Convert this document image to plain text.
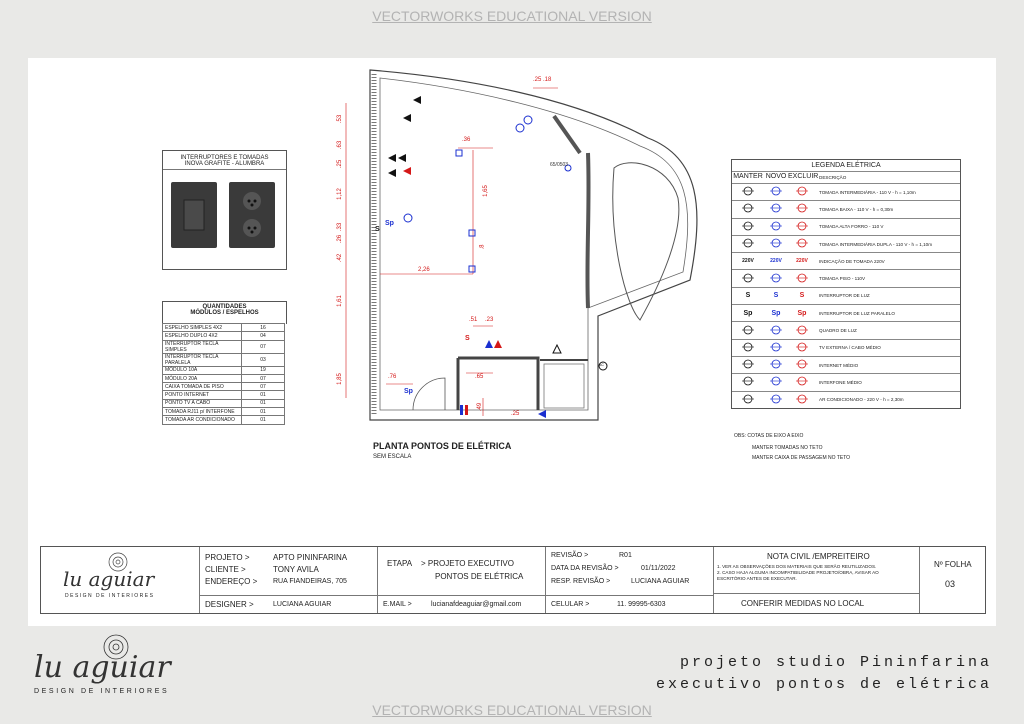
VECTORWORKS EDUCATIONAL VERSION
INTERRUPTORES E TOMADAS
INOVA GRAFITE - ALUMBRA
QUANTIDADES
MÓDULOS / ESPELHOS
ESPELHO SIMPLES 4X2	16
ESPELHO DUPLO 4X2	04
INTERRUPTOR TECLA SIMPLES	07
INTERRUPTOR TECLA PARALELA	03
MÓDULO 10A	19
MÓDULO 20A	07
CAIXA TOMADA DE PISO	07
PONTO INTERNET	01
PONTO TV A CABO	01
TOMADA RJ11 p/ INTERFONE	01
TOMADA AR CONDICIONADO	01
.25 .18
.36
1,65
.8
2,26
.53
.63
.25
1,12
.33
.26
.42
1,61
1,85	.76
.51 .23
.65
.49
.25
65/0503
S
Sp
S
Sp
AC
PLANTA PONTOS DE ELÉTRICA
SEM ESCALA
LEGENDA ELÉTRICA
MANTER NOVO EXCLUIR DESCRIÇÃO
TOMADA INTERMEDIÁRIA - 110 V - h = 1,10m
TOMADA BAIXA - 110 V - h = 0,30m
TOMADA ALTA FORRO - 110 V
TOMADA INTERMEDIÁRIA DUPLA - 110 V - h = 1,10m
220V	220V	220V	INDICAÇÃO DE TOMADA 220V
TOMADA PISO - 110V
S	S	S	INTERRUPTOR DE LUZ
Sp	Sp	Sp	INTERRUPTOR DE LUZ PARALELO
QUADRO DE LUZ
TV EXTERNA / CABO MÉDIO
INTERNET MÉDIO
INTERFONE MÉDIO
AR CONDICIONADO - 220 V - h = 2,30m
OBS: COTAS DE EIXO A EIXO
MANTER TOMADAS NO TETO
MANTER CAIXA DE PASSAGEM NO TETO
lu aguiar
DESIGN DE INTERIORES
PROJETO >	APTO PININFARINA
CLIENTE >	TONY AVILA
ENDEREÇO > RUA FIANDEIRAS, 705
DESIGNER >	LUCIANA AGUIAR
ETAPA > PROJETO EXECUTIVO
PONTOS DE ELÉTRICA
E.MAIL >	lucianafdeaguiar@gmail.com
REVISÃO >	R01
DATA DA REVISÃO >	01/11/2022
RESP. REVISÃO >	LUCIANA AGUIAR
CELULAR >	11. 99995-6303
NOTA CIVIL /EMPREITEIRO
1. VER AS OBSERVAÇÕES DOS MATERIAIS QUE SERÃO REUTILIZADOS.
2. CASO HAJA ALGUMA INCOMPATIBILIDADE PROJETO/OBRA, AVISAR AO
ESCRITÓRIO ANTES DE EXECUTAR.
CONFERIR MEDIDAS NO LOCAL
Nº FOLHA
03
lu aguiar
DESIGN DE INTERIORES
projeto studio Pininfarina
executivo pontos de elétrica
VECTORWORKS EDUCATIONAL VERSION
